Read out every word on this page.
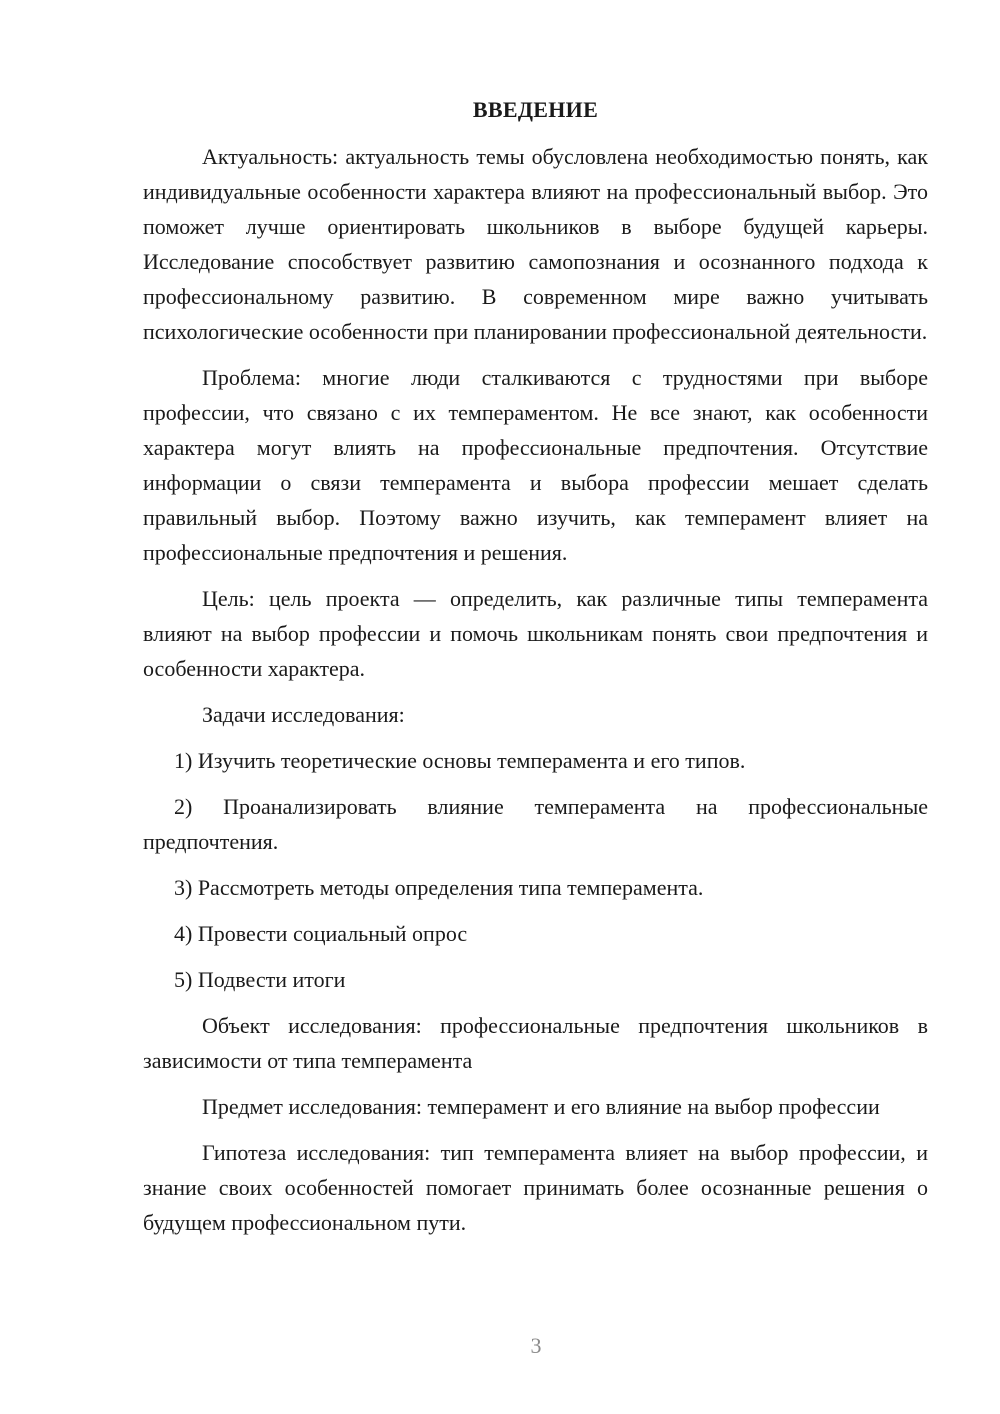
ВВЕДЕНИЕ

Актуальность: актуальность темы обусловлена необходимостью понять, как индивидуальные особенности характера влияют на профессиональный выбор. Это поможет лучше ориентировать школьников в выборе будущей карьеры. Исследование способствует развитию самопознания и осознанного подхода к профессиональному развитию. В современном мире важно учитывать психологические особенности при планировании профессиональной деятельности.

Проблема: многие люди сталкиваются с трудностями при выборе профессии, что связано с их темпераментом. Не все знают, как особенности характера могут влиять на профессиональные предпочтения. Отсутствие информации о связи темперамента и выбора профессии мешает сделать правильный выбор. Поэтому важно изучить, как темперамент влияет на профессиональные предпочтения и решения.

Цель: цель проекта — определить, как различные типы темперамента влияют на выбор профессии и помочь школьникам понять свои предпочтения и особенности характера.

Задачи исследования:

1) Изучить теоретические основы темперамента и его типов.

2) Проанализировать влияние темперамента на профессиональные предпочтения.

3) Рассмотреть методы определения типа темперамента.

4) Провести социальный опрос

5) Подвести итоги

Объект исследования: профессиональные предпочтения школьников в зависимости от типа темперамента

Предмет исследования: темперамент и его влияние на выбор профессии

Гипотеза исследования: тип темперамента влияет на выбор профессии, и знание своих особенностей помогает принимать более осознанные решения о будущем профессиональном пути.

3
